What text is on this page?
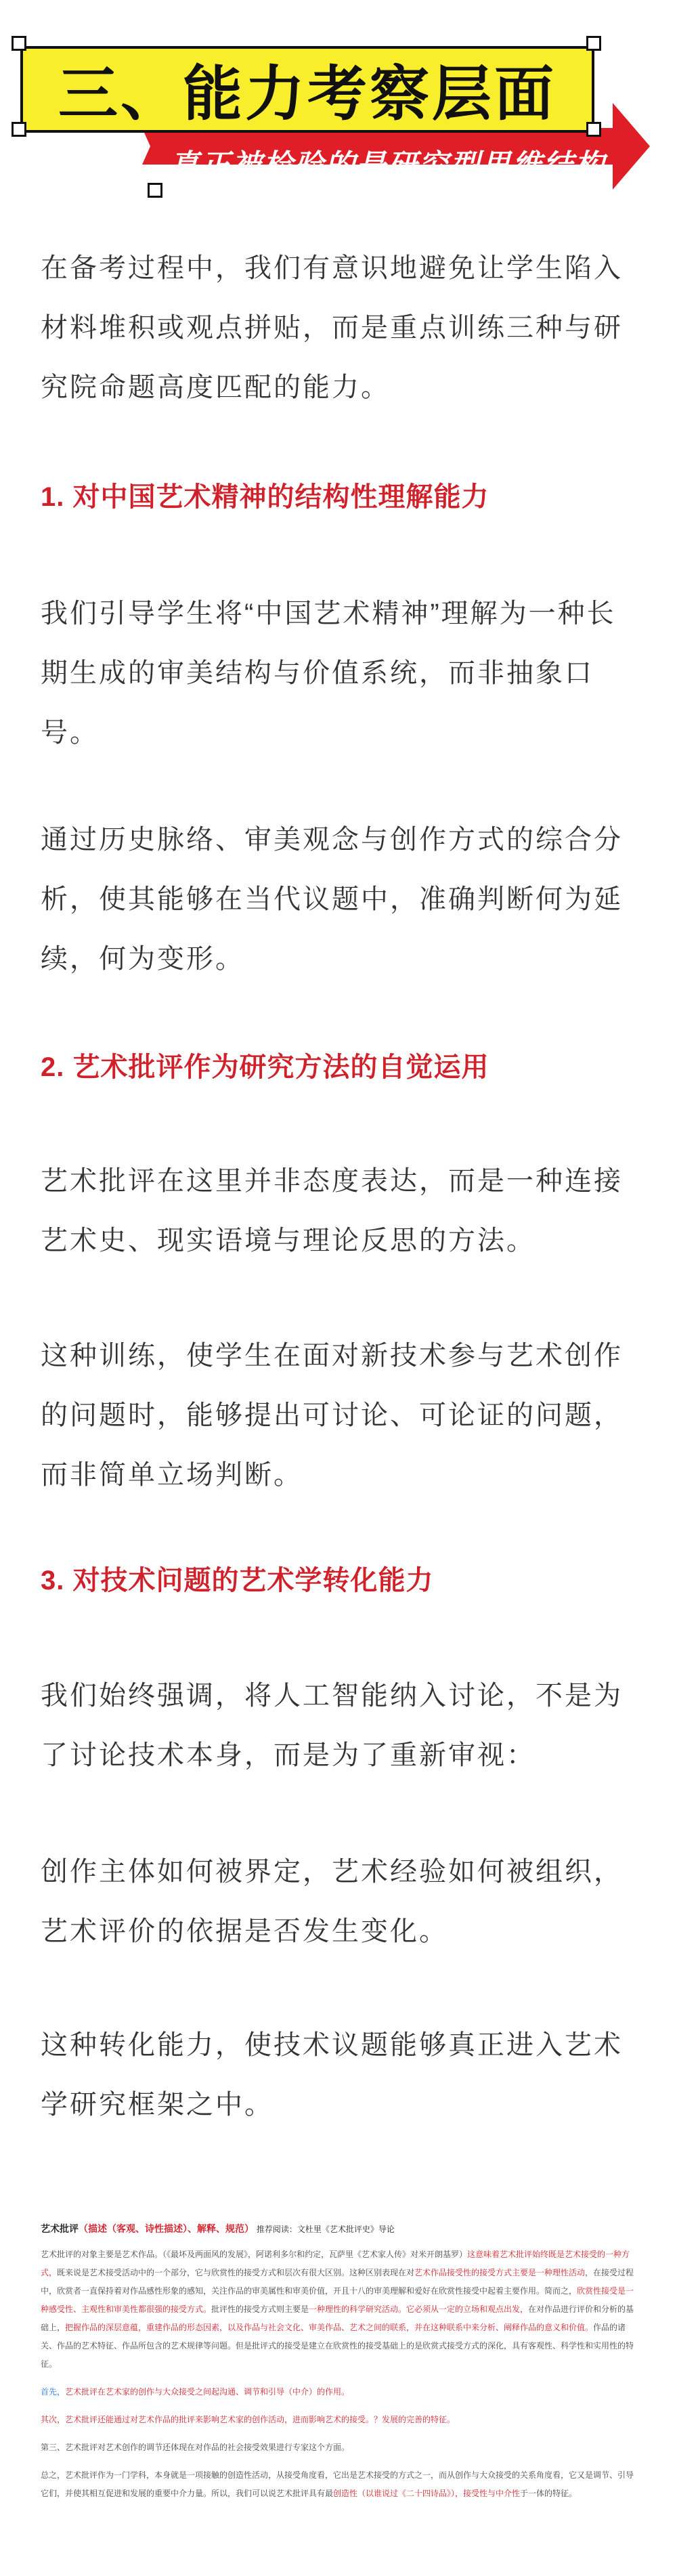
三、能力考察层面
真正被检验的是研究型思维结构

在备考过程中，我们有意识地避免让学生陷入材料堆积或观点拼贴，而是重点训练三种与研究院命题高度匹配的能力。

1. 对中国艺术精神的结构性理解能力

我们引导学生将“中国艺术精神”理解为一种长期生成的审美结构与价值系统，而非抽象口号。

通过历史脉络、审美观念与创作方式的综合分析，使其能够在当代议题中，准确判断何为延续，何为变形。

2. 艺术批评作为研究方法的自觉运用

艺术批评在这里并非态度表达，而是一种连接艺术史、现实语境与理论反思的方法。

这种训练，使学生在面对新技术参与艺术创作的问题时，能够提出可讨论、可论证的问题，而非简单立场判断。

3. 对技术问题的艺术学转化能力

我们始终强调，将人工智能纳入讨论，不是为了讨论技术本身，而是为了重新审视：

创作主体如何被界定，艺术经验如何被组织，艺术评价的依据是否发生变化。

这种转化能力，使技术议题能够真正进入艺术学研究框架之中。

艺术批评（描述（客观、诗性描述）、解释、规范） 推荐阅读：文杜里《艺术批评史》导论

艺术批评的对象主要是艺术作品。（《最坏及两面风的发展》，阿诺利多尔和约定，瓦萨里《艺术家人传》对米开朗基罗）这意味着艺术批评始终既是艺术接受的一种方式，既来说是艺术接受活动中的一个部分，它与欣赏性的接受方式和层次有很大区别。这种区别表现在对艺术作品接受性的接受方式主要是一种理性活动，在接受过程中，欣赏者一直保持着对作品感性形象的感知，关注作品的审美属性和审美价值，开且十八的审美理解和爱好在欣赏性接受中起着主要作用。简而之，欣赏性接受是一种感受性、主观性和审美性都很强的接受方式。批评性的接受方式则主要是一种理性的科学研究活动。它必须从一定的立场和观点出发，在对作品进行评价和分析的基础上，把握作品的深层意蕴，重建作品的形态因素，以及作品与社会文化、审美作品、艺术之间的联系，并在这种联系中来分析、阐释作品的意义和价值。作品的诸关、作品的艺术特征、作品所包含的艺术规律等问题。但是批评式的接受是建立在欣赏性的接受基础上的是欣赏式接受方式的深化，具有客观性、科学性和实用性的特征。

首先，艺术批评在艺术家的创作与大众接受之间起沟通、调节和引导（中介）的作用。

其次，艺术批评还能通过对艺术作品的批评来影响艺术家的创作活动，进而影响艺术的接受。？发展的完善的特征。

第三、艺术批评对艺术创作的调节还体现在对作品的社会接受效果进行专家这个方面。

总之，艺术批评作为一门学科，本身就是一项接触的创造性活动，从接受角度看，它出是艺术接受的方式之一，而从创作与大众接受的关系角度看，它又是调节、引导它们，并使其相互促进和发展的重要中介力量。所以，我们可以说艺术批评具有最创造性（以谁说过《二十四诗品》），接受性与中介性于一体的特征。
